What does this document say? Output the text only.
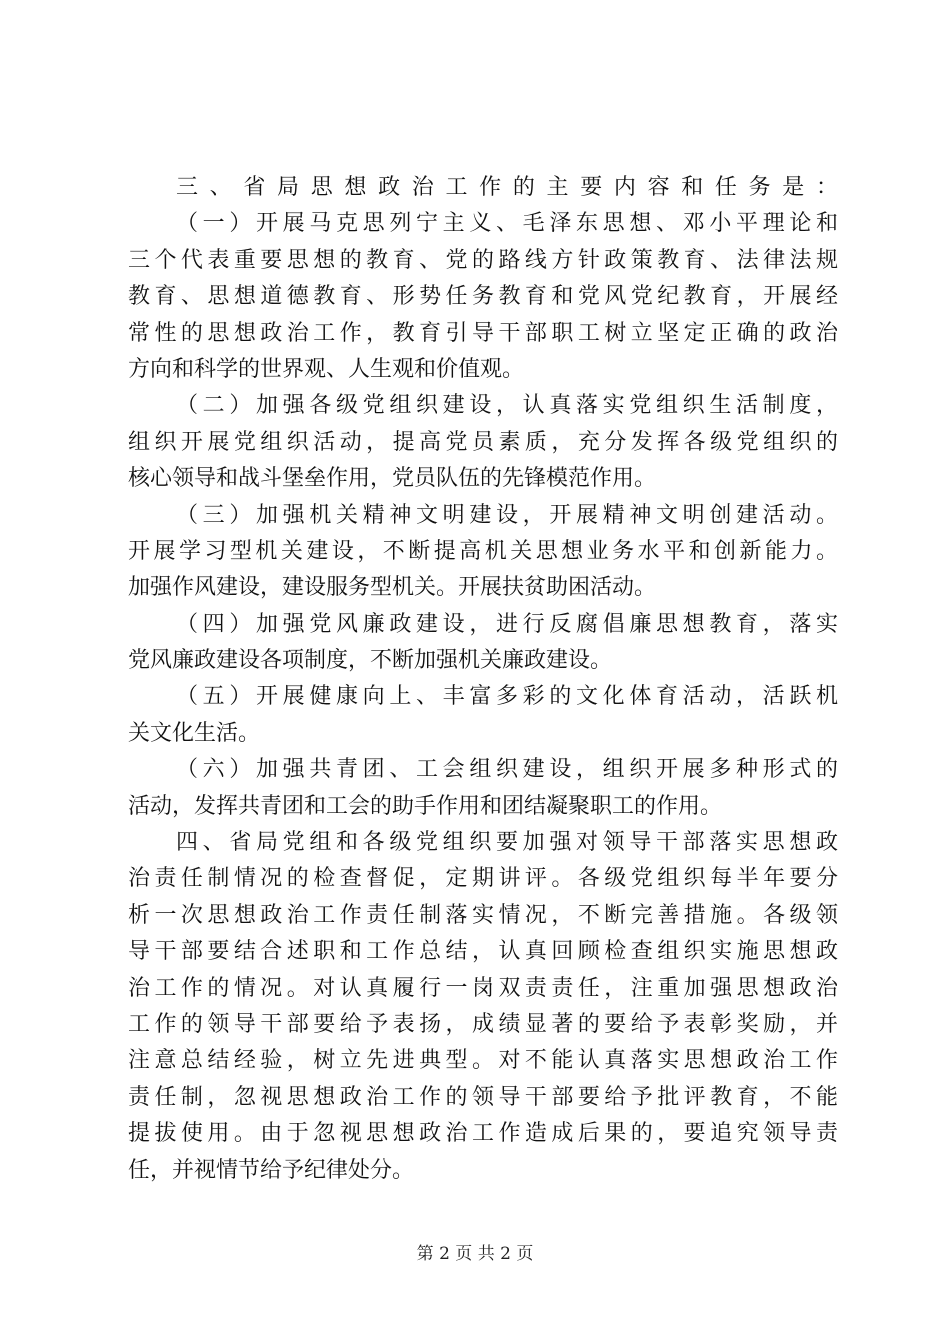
三、省局思想政治工作的主要内容和任务是：
（一）开展马克思列宁主义、毛泽东思想、邓小平理论和
三个代表重要思想的教育、党的路线方针政策教育、法律法规
教育、思想道德教育、形势任务教育和党风党纪教育，开展经
常性的思想政治工作，教育引导干部职工树立坚定正确的政治
方向和科学的世界观、人生观和价值观。
（二）加强各级党组织建设，认真落实党组织生活制度，
组织开展党组织活动，提高党员素质，充分发挥各级党组织的
核心领导和战斗堡垒作用，党员队伍的先锋模范作用。
（三）加强机关精神文明建设，开展精神文明创建活动。
开展学习型机关建设，不断提高机关思想业务水平和创新能力。
加强作风建设，建设服务型机关。开展扶贫助困活动。
（四）加强党风廉政建设，进行反腐倡廉思想教育，落实
党风廉政建设各项制度，不断加强机关廉政建设。
（五）开展健康向上、丰富多彩的文化体育活动，活跃机
关文化生活。
（六）加强共青团、工会组织建设，组织开展多种形式的
活动，发挥共青团和工会的助手作用和团结凝聚职工的作用。
四、省局党组和各级党组织要加强对领导干部落实思想政
治责任制情况的检查督促，定期讲评。各级党组织每半年要分
析一次思想政治工作责任制落实情况，不断完善措施。各级领
导干部要结合述职和工作总结，认真回顾检查组织实施思想政
治工作的情况。对认真履行一岗双责责任，注重加强思想政治
工作的领导干部要给予表扬，成绩显著的要给予表彰奖励，并
注意总结经验，树立先进典型。对不能认真落实思想政治工作
责任制，忽视思想政治工作的领导干部要给予批评教育，不能
提拔使用。由于忽视思想政治工作造成后果的，要追究领导责
任，并视情节给予纪律处分。
第 2 页 共 2 页
